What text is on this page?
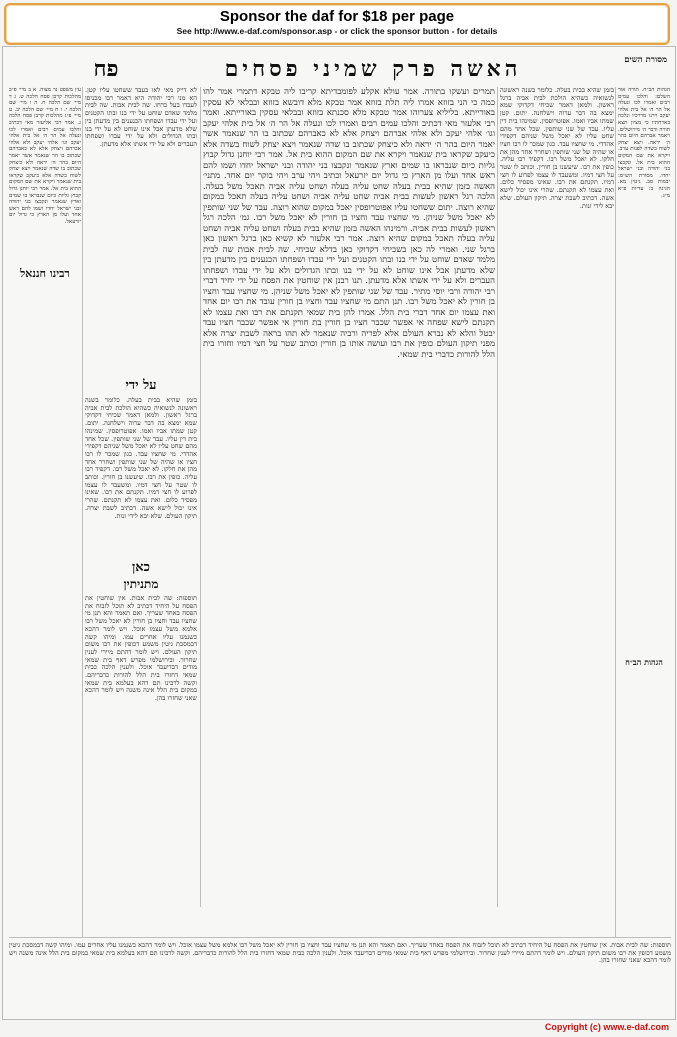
Sponsor the daf for $18 per page
See http://www.e-daf.com/sponsor.asp - or click the sponsor button - for details
פח	האשה פרק שמיני פסחים	מסורת השים

עין משפט נר מצוה. א ב מיי׳ פ״ב מהלכות קרבן פסח הלכה ט. ג ד מיי׳ שם הלכה ח. ה ו מיי׳ שם הלכה י. ז ח מיי׳ שם הלכה יב. ט מיי׳ פ״ג מהלכות קרבן פסח הלכה ג. אמר רבי אליעזר מאי דכתיב והלכו עמים רבים ואמרו לכו ונעלה אל הר ה׳ אל בית אלהי יעקב וגו׳ אלהי יעקב ולא אלהי אברהם ויצחק אלא לא כאברהם שכתוב בו הר שנאמר אשר יאמר היום בהר ה׳ יראה ולא כיצחק שכתוב בו שדה שנאמר ויצא יצחק לשוח בשדה אלא כיעקב שקראו בית שנאמר ויקרא את שם המקום ההוא בית אל. אמר רבי יוחנן גדול קבוץ גליות כיום שנבראו בו שמים וארץ שנאמר ונקבצו בני יהודה ובני ישראל יחדו ושמו להם ראש אחד ועלו מן הארץ כי גדול יום יזרעאל.

רבינו חננאל

לא דייק מאי לאו בעבד ששחטו עליו קטן. הא מני רבי יהודה היא דאמר רבו מכניסו לעבדו בעל כרחו. שה לבית אבות. שה לבית מלמד שאדם שוחט על ידי בנו ובתו הקטנים ועל ידי עבדו ושפחתו הכנענים בין מדעתן בין שלא מדעתן אבל אינו שוחט לא על ידי בנו ובתו הגדולים ולא על ידי עבדו ושפחתו העברים ולא על ידי אשתו אלא מדעתן.

על ידי

בזמן שהיא בבית בעלה. כלומר בשנה ראשונה לנשואיה כשהיא הולכת לבית אביה ברגל ראשון. ולמאן דאמר שכיחי דקדוקי שמא ימצא בה דבר ערוה וישלחנה. יתום. קטן שמתו אביו ואמו. אפוטרופסין. שמינהו בית דין עליו. עבד של שני שותפין. שכל אחד מהם שחט עליו לא יאכל משל שניהם דקפידי אהדדי. מי שחציו עבד. כגון שמכר לו רבו חציו או שהיה של שני שותפין ושחרר אחד מהן את חלקו. לא יאכל משל רבו. דקפיד רבו עליה. כופין את רבו. שיעשנו בן חורין. וכותב לו שטר על חצי דמיו. ומשעבד לו עצמו לפרוע לו חצי דמיו. תקנתם את רבו. שאינו מפסיד כלום. ואת עצמו לא תקנתם. שהרי אינו יכול לישא אשה. דכתיב לשבת יצרה. תיקון העולם. שלא יבא לידי זנות.

כאן
מתניתין

תוספות: שה לבית אבות. אין שוחטין את הפסח על היחיד דכתיב לא תוכל לזבוח את הפסח באחד שעריך. ואם תאמר והא תנן מי שחציו עבד וחציו בן חורין לא יאכל משל רבו אלמא משל עצמו אוכל. ויש לומר דהכא כשנמנו עליו אחרים עמו. ומיהו קשה דבמסכת גיטין משמע דכופין את רבו משום תיקון העולם. ויש לומר דהתם מיירי לענין שחרור. ובירושלמי מפרש דאף בית שמאי מודים דבדיעבד אוכל. ולענין הלכה כבית שמאי דחזרו בית הלל להורות כדבריהם. וקשה לרבינו תם דהא בעלמא בית שמאי במקום בית הלל אינה משנה ויש לומר דהכא שאני שחזרו בהן.

תמרים ועשקו בתורה. אמר עולא אקלע לפומבדיתא קריבו ליה טבקא דתמרי אמר להו כמה כי הני בזוזא אמרו ליה תלת בזוזא אמר טבקא מלא דובשא בזוזא ובבלאי לא עסקין באורייתא. בליליא צערוהו אמר טבקא מלא סכנתא בזוזא ובבלאי עסקין באורייתא. ואמר רבי אלעזר מאי דכתיב והלכו עמים רבים ואמרו לכו ונעלה אל הר ה׳ אל בית אלהי יעקב וגו׳ אלהי יעקב ולא אלהי אברהם ויצחק אלא לא כאברהם שכתוב בו הר שנאמר אשר יאמר היום בהר ה׳ יראה ולא כיצחק שכתוב בו שדה שנאמר ויצא יצחק לשוח בשדה אלא כיעקב שקראו בית שנאמר ויקרא את שם המקום ההוא בית אל. אמר רבי יוחנן גדול קבוץ גליות כיום שנבראו בו שמים וארץ שנאמר ונקבצו בני יהודה ובני ישראל יחדו ושמו להם ראש אחד ועלו מן הארץ כי גדול יום יזרעאל וכתיב ויהי ערב ויהי בוקר יום אחד. מתני׳ האשה בזמן שהיא בבית בעלה שחט עליה בעלה ושחט עליה אביה תאכל משל בעלה. הלכה רגל ראשון לעשות בבית אביה שחט עליה אביה ושחט עליה בעלה תאכל במקום שהיא רוצה. יתום ששחטו עליו אפוטרופסין יאכל במקום שהוא רוצה. עבד של שני שותפין לא יאכל משל שניהן. מי שחציו עבד וחציו בן חורין לא יאכל משל רבו. גמ׳ הלכה רגל ראשון לעשות בבית אביה. ורמינהו האשה בזמן שהיא בבית בעלה ושחט עליה אביה ושחט עליה בעלה תאכל במקום שהיא רוצה. אמר רבי אלעזר לא קשיא כאן ברגל ראשון כאן ברגל שני. ואמרי לה כאן בשכיחי דקדוקי כאן בדלא שכיחי. שה לבית אבות שה לבית מלמד שאדם שוחט על ידי בנו ובתו הקטנים ועל ידי עבדו ושפחתו הכנענים בין מדעתן בין שלא מדעתן אבל אינו שוחט לא על ידי בנו ובתו הגדולים ולא על ידי עבדו ושפחתו העברים ולא על ידי אשתו אלא מדעתן. תנו רבנן אין שוחטין את הפסח על ידי יחיד דברי רבי יהודה ורבי יוסי מתיר. עבד של שני שותפין לא יאכל משל שניהן. מי שחציו עבד וחציו בן חורין לא יאכל משל רבו. תנן התם מי שחציו עבד וחציו בן חורין עובד את רבו יום אחד ואת עצמו יום אחד דברי בית הלל. אמרו להן בית שמאי תקנתם את רבו ואת עצמו לא תקנתם לישא שפחה אי אפשר שכבר חציו בן חורין בת חורין אי אפשר שכבר חציו עבד יבטל והלא לא נברא העולם אלא לפריה ורביה שנאמר לא תהו בראה לשבת יצרה אלא מפני תיקון העולם כופין את רבו ועושה אותו בן חורין וכותב שטר על חצי דמיו וחזרו בית הלל להורות כדברי בית שמאי.

בזמן שהיא בבית בעלה. כלומר בשנה ראשונה לנשואיה כשהיא הולכת לבית אביה ברגל ראשון. ולמאן דאמר שכיחי דקדוקי שמא ימצא בה דבר ערוה וישלחנה. יתום. קטן שמתו אביו ואמו. אפוטרופסין. שמינהו בית דין עליו. עבד של שני שותפין. שכל אחד מהם שחט עליו לא יאכל משל שניהם דקפידי אהדדי. מי שחציו עבד. כגון שמכר לו רבו חציו או שהיה של שני שותפין ושחרר אחד מהן את חלקו. לא יאכל משל רבו. דקפיד רבו עליה. כופין את רבו. שיעשנו בן חורין. וכותב לו שטר על חצי דמיו. ומשעבד לו עצמו לפרוע לו חצי דמיו. תקנתם את רבו. שאינו מפסיד כלום. ואת עצמו לא תקנתם. שהרי אינו יכול לישא אשה. דכתיב לשבת יצרה. תיקון העולם. שלא יבא לידי זנות.

הגהות הב״ח. תורה אור השלם: והלכו עמים רבים ואמרו לכו ונעלה אל הר ה׳ אל בית אלהי יעקב וירנו מדרכיו ונלכה בארחתיו כי מציון תצא תורה ודבר ה׳ מירושלים. ויאמר אברהם היום בהר ה׳ יראה. ויצא יצחק לשוח בשדה לפנות ערב. ויקרא את שם המקום ההוא בית אל. ונקבצו בני יהודה ובני ישראל יחדו. מסורת הש״ס: יבמות סב. גיטין מא. חגיגה ב: עדיות פ״א מ״ג.

הגהות הב״ח

תוספות: שה לבית אבות. אין שוחטין את הפסח על היחיד דכתיב לא תוכל לזבוח את הפסח באחד שעריך. ואם תאמר והא תנן מי שחציו עבד וחציו בן חורין לא יאכל משל רבו אלמא משל עצמו אוכל. ויש לומר דהכא כשנמנו עליו אחרים עמו. ומיהו קשה דבמסכת גיטין משמע דכופין את רבו משום תיקון העולם. ויש לומר דהתם מיירי לענין שחרור. ובירושלמי מפרש דאף בית שמאי מודים דבדיעבד אוכל. ולענין הלכה כבית שמאי דחזרו בית הלל להורות כדבריהם. וקשה לרבינו תם דהא בעלמא בית שמאי במקום בית הלל אינה משנה ויש לומר דהכא שאני שחזרו בהן.

Copyright (c) www.e-daf.com
